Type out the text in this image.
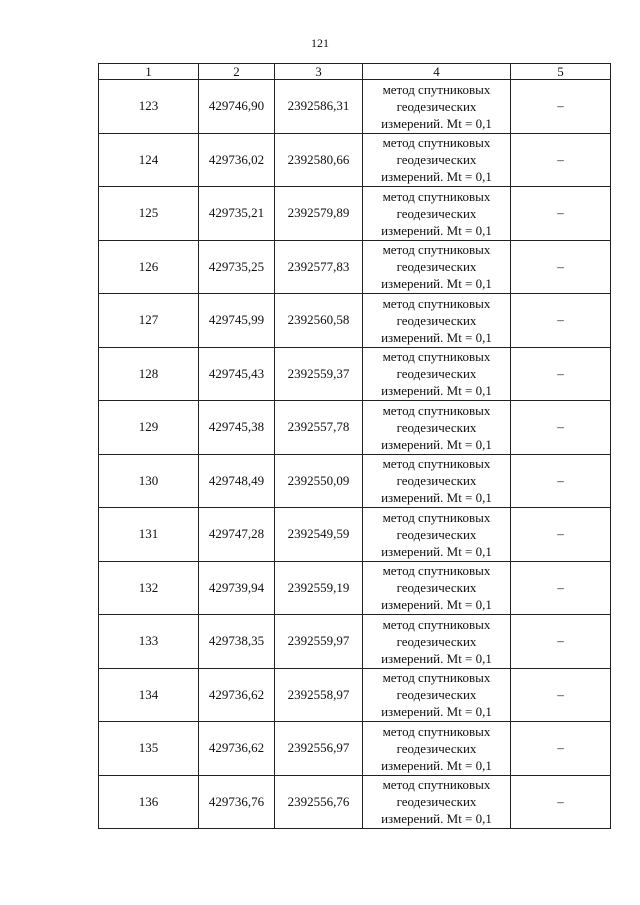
121
1	2	3	4	5
123	429746,90	2392586,31	метод спутниковых
геодезических
измерений. Mt = 0,1	–
124	429736,02	2392580,66	метод спутниковых
геодезических
измерений. Mt = 0,1	–
125	429735,21	2392579,89	метод спутниковых
геодезических
измерений. Mt = 0,1	–
126	429735,25	2392577,83	метод спутниковых
геодезических
измерений. Mt = 0,1	–
127	429745,99	2392560,58	метод спутниковых
геодезических
измерений. Mt = 0,1	–
128	429745,43	2392559,37	метод спутниковых
геодезических
измерений. Mt = 0,1	–
129	429745,38	2392557,78	метод спутниковых
геодезических
измерений. Mt = 0,1	–
130	429748,49	2392550,09	метод спутниковых
геодезических
измерений. Mt = 0,1	–
131	429747,28	2392549,59	метод спутниковых
геодезических
измерений. Mt = 0,1	–
132	429739,94	2392559,19	метод спутниковых
геодезических
измерений. Mt = 0,1	–
133	429738,35	2392559,97	метод спутниковых
геодезических
измерений. Mt = 0,1	–
134	429736,62	2392558,97	метод спутниковых
геодезических
измерений. Mt = 0,1	–
135	429736,62	2392556,97	метод спутниковых
геодезических
измерений. Mt = 0,1	–
136	429736,76	2392556,76	метод спутниковых
геодезических
измерений. Mt = 0,1	–
